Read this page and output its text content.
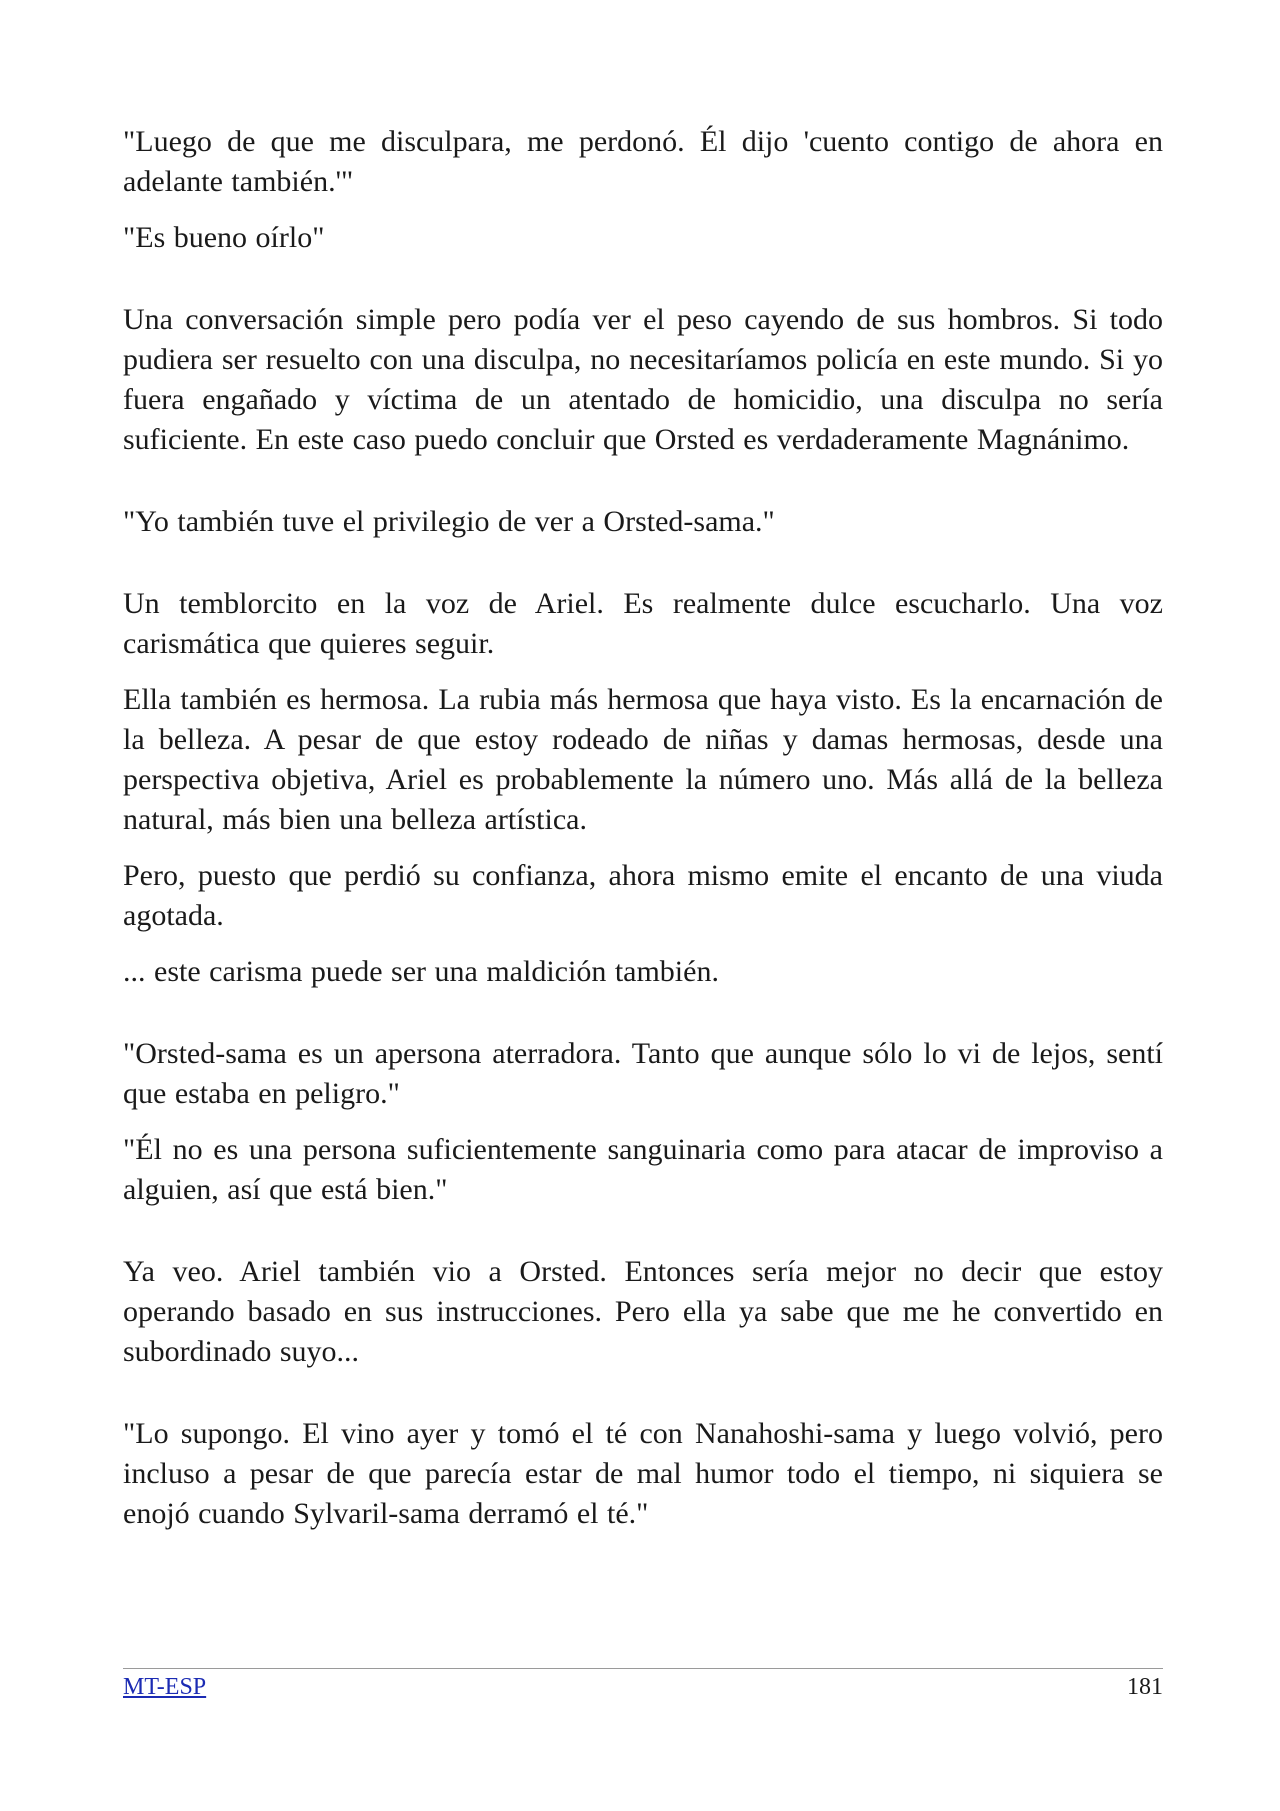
"Luego de que me disculpara, me perdonó. Él dijo 'cuento contigo de ahora en adelante también.'"

"Es bueno oírlo"

Una conversación simple pero podía ver el peso cayendo de sus hombros. Si todo pudiera ser resuelto con una disculpa, no necesitaríamos policía en este mundo. Si yo fuera engañado y víctima de un atentado de homicidio, una disculpa no sería suficiente. En este caso puedo concluir que Orsted es verdaderamente Magnánimo.

"Yo también tuve el privilegio de ver a Orsted-sama."

Un temblorcito en la voz de Ariel. Es realmente dulce escucharlo. Una voz carismática que quieres seguir.

Ella también es hermosa. La rubia más hermosa que haya visto. Es la encarnación de la belleza. A pesar de que estoy rodeado de niñas y damas hermosas, desde una perspectiva objetiva, Ariel es probablemente la número uno. Más allá de la belleza natural, más bien una belleza artística.

Pero, puesto que perdió su confianza, ahora mismo emite el encanto de una viuda agotada.

... este carisma puede ser una maldición también.

"Orsted-sama es un apersona aterradora. Tanto que aunque sólo lo vi de lejos, sentí que estaba en peligro."

"Él no es una persona suficientemente sanguinaria como para atacar de improviso a alguien, así que está bien."

Ya veo. Ariel también vio a Orsted. Entonces sería mejor no decir que estoy operando basado en sus instrucciones. Pero ella ya sabe que me he convertido en subordinado suyo...

"Lo supongo. El vino ayer y tomó el té con Nanahoshi-sama y luego volvió, pero incluso a pesar de que parecía estar de mal humor todo el tiempo, ni siquiera se enojó cuando Sylvaril-sama derramó el té."

MT-ESP	181
